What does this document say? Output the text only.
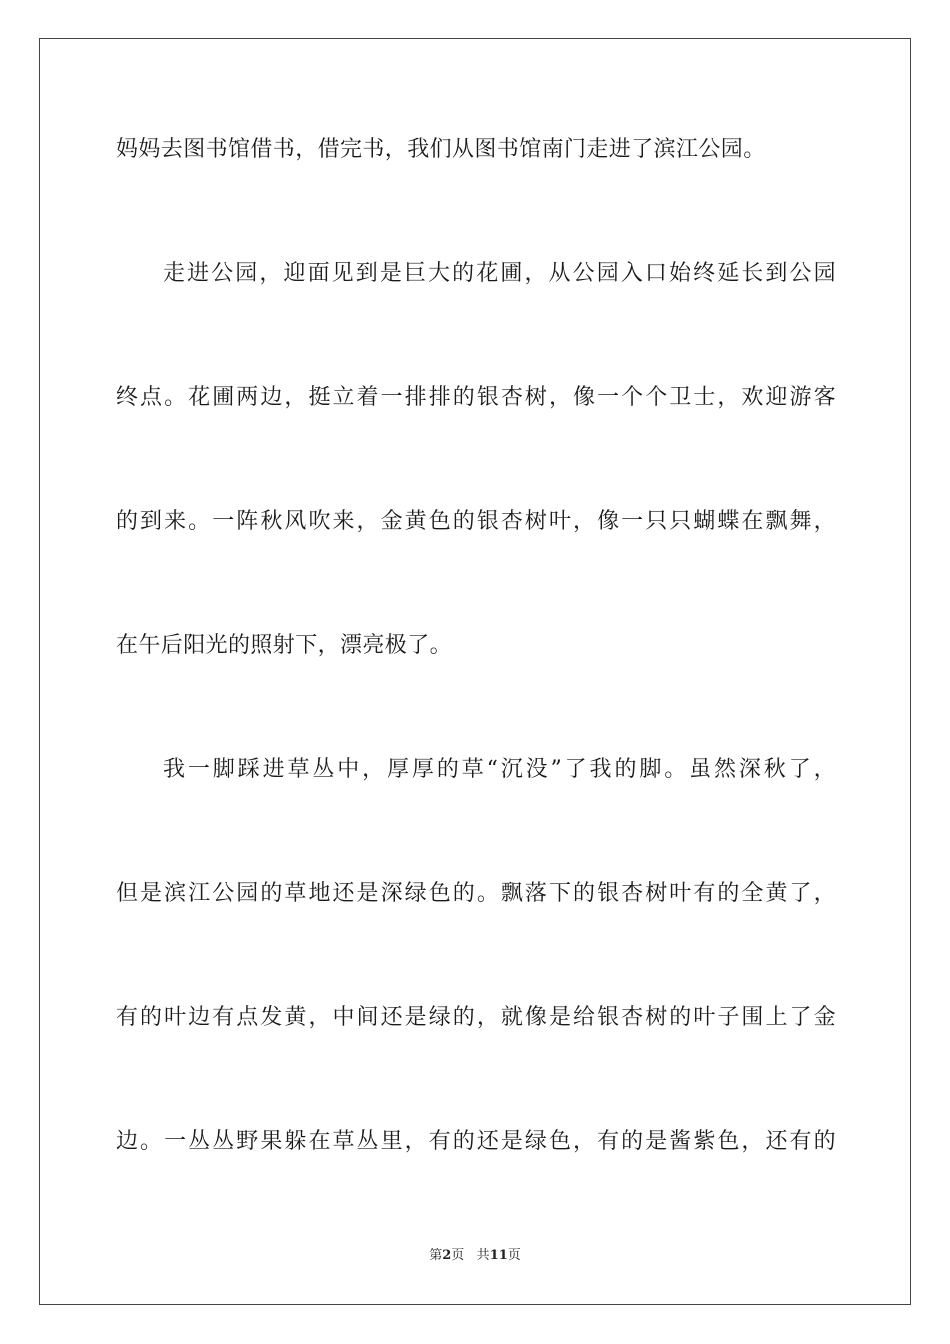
妈妈去图书馆借书，借完书，我们从图书馆南门走进了滨江公园。
走进公园，迎面见到是巨大的花圃，从公园入口始终延长到公园
终点。花圃两边，挺立着一排排的银杏树，像一个个卫士，欢迎游客
的到来。一阵秋风吹来，金黄色的银杏树叶，像一只只蝴蝶在飘舞，
在午后阳光的照射下，漂亮极了。
我一脚踩进草丛中，厚厚的草“沉没”了我的脚。虽然深秋了，
但是滨江公园的草地还是深绿色的。飘落下的银杏树叶有的全黄了，
有的叶边有点发黄，中间还是绿的，就像是给银杏树的叶子围上了金
边。一丛丛野果躲在草丛里，有的还是绿色，有的是酱紫色，还有的
第2页 共11页
